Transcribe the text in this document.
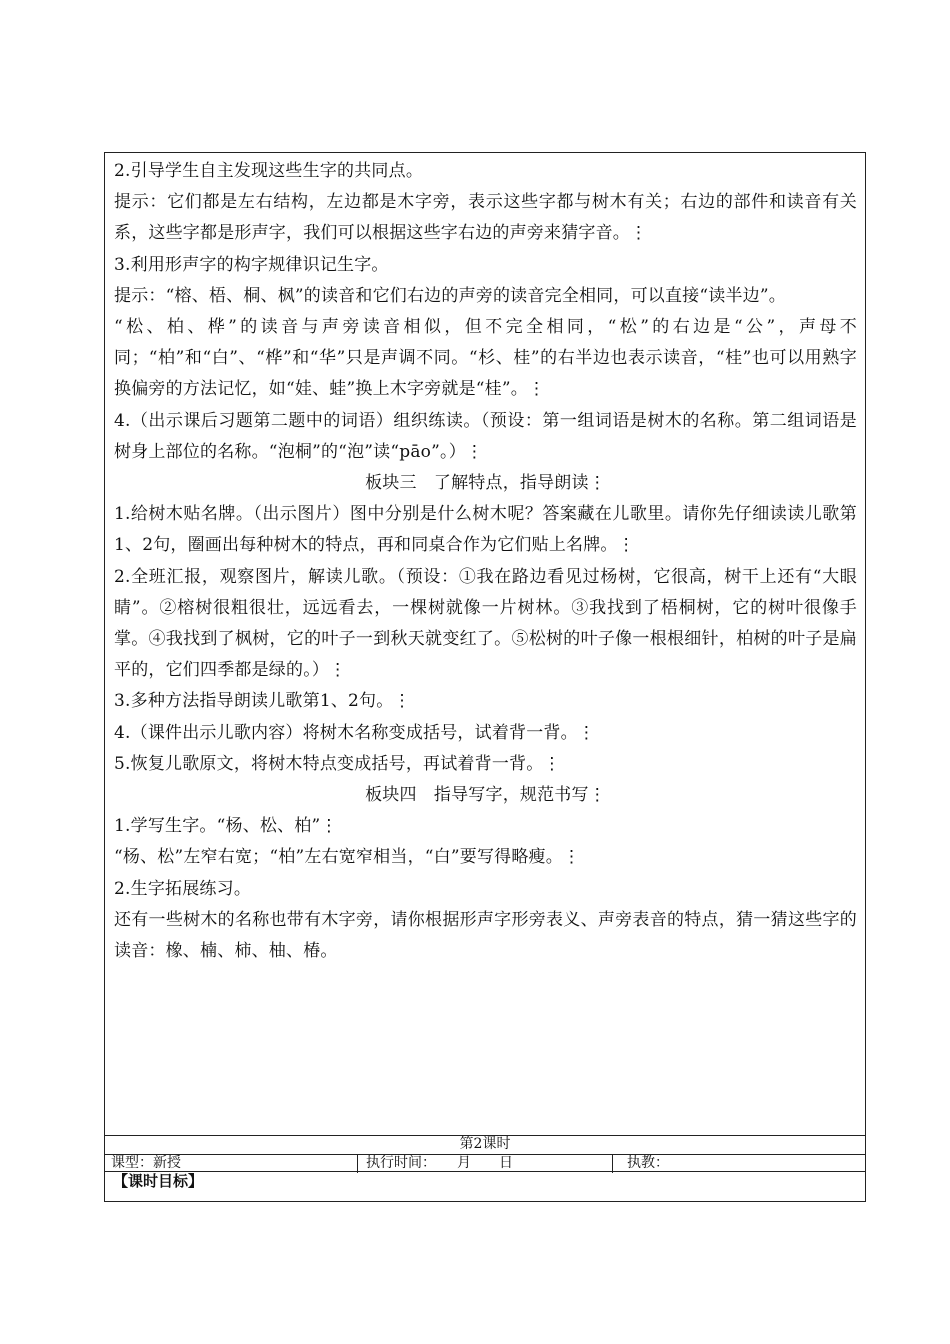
2.引导学生自主发现这些生字的共同点。

提示：它们都是左右结构，左边都是木字旁，表示这些字都与树木有关；右边的部件和读音有关系，这些字都是形声字，我们可以根据这些字右边的声旁来猜字音。⋮

3.利用形声字的构字规律识记生字。

提示：“榕、梧、桐、枫”的读音和它们右边的声旁的读音完全相同，可以直接“读半边”。

“松、柏、桦”的读音与声旁读音相似，但不完全相同，“松”的右边是“公”，声母不同；“柏”和“白”、“桦”和“华”只是声调不同。“杉、桂”的右半边也表示读音，“桂”也可以用熟字换偏旁的方法记忆，如“娃、蛙”换上木字旁就是“桂”。⋮

4.（出示课后习题第二题中的词语）组织练读。（预设：第一组词语是树木的名称。第二组词语是树身上部位的名称。“泡桐”的“泡”读“pāo”。）⋮

板块三　了解特点，指导朗读⋮

1.给树木贴名牌。（出示图片）图中分别是什么树木呢？答案藏在儿歌里。请你先仔细读读儿歌第1、2句，圈画出每种树木的特点，再和同桌合作为它们贴上名牌。⋮

2.全班汇报，观察图片，解读儿歌。（预设：①我在路边看见过杨树，它很高，树干上还有“大眼睛”。②榕树很粗很壮，远远看去，一棵树就像一片树林。③我找到了梧桐树，它的树叶很像手掌。④我找到了枫树，它的叶子一到秋天就变红了。⑤松树的叶子像一根根细针，柏树的叶子是扁平的，它们四季都是绿的。）⋮

3.多种方法指导朗读儿歌第1、2句。⋮

4.（课件出示儿歌内容）将树木名称变成括号，试着背一背。⋮

5.恢复儿歌原文，将树木特点变成括号，再试着背一背。⋮

板块四　指导写字，规范书写⋮

1.学写生字。“杨、松、柏”⋮

“杨、松”左窄右宽；“柏”左右宽窄相当，“白”要写得略瘦。⋮

2.生字拓展练习。

还有一些树木的名称也带有木字旁，请你根据形声字形旁表义、声旁表音的特点，猜一猜这些字的读音：橡、楠、柿、柚、椿。

第2课时
课型：新授	执行时间：　　月　　日	执教：
【课时目标】
